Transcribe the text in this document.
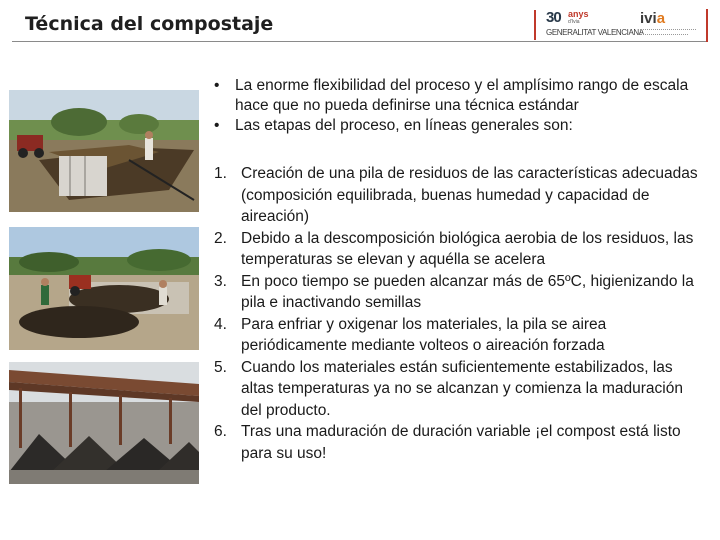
Técnica del compostaje	30 anys
d'Ivia
GENERALITAT VALENCIANA
ivia
• La enorme flexibilidad del proceso y el amplísimo rango de escala hace que no pueda definirse una técnica estándar
• Las etapas del proceso, en líneas generales son:
1. Creación de una pila de residuos de las características adecuadas (composición equilibrada, buenas humedad y capacidad de aireación)
2. Debido a la descomposición biológica aerobia de los residuos, las temperaturas se elevan y aquélla se acelera
3. En poco tiempo se pueden alcanzar más de 65ºC, higienizando la pila e inactivando semillas
4. Para enfriar y oxigenar los materiales, la pila se airea periódicamente mediante volteos o aireación forzada
5. Cuando los materiales están suficientemente estabilizados, las altas temperaturas ya no se alcanzan y comienza la maduración del producto.
6. Tras una maduración de duración variable ¡el compost está listo para su uso!
